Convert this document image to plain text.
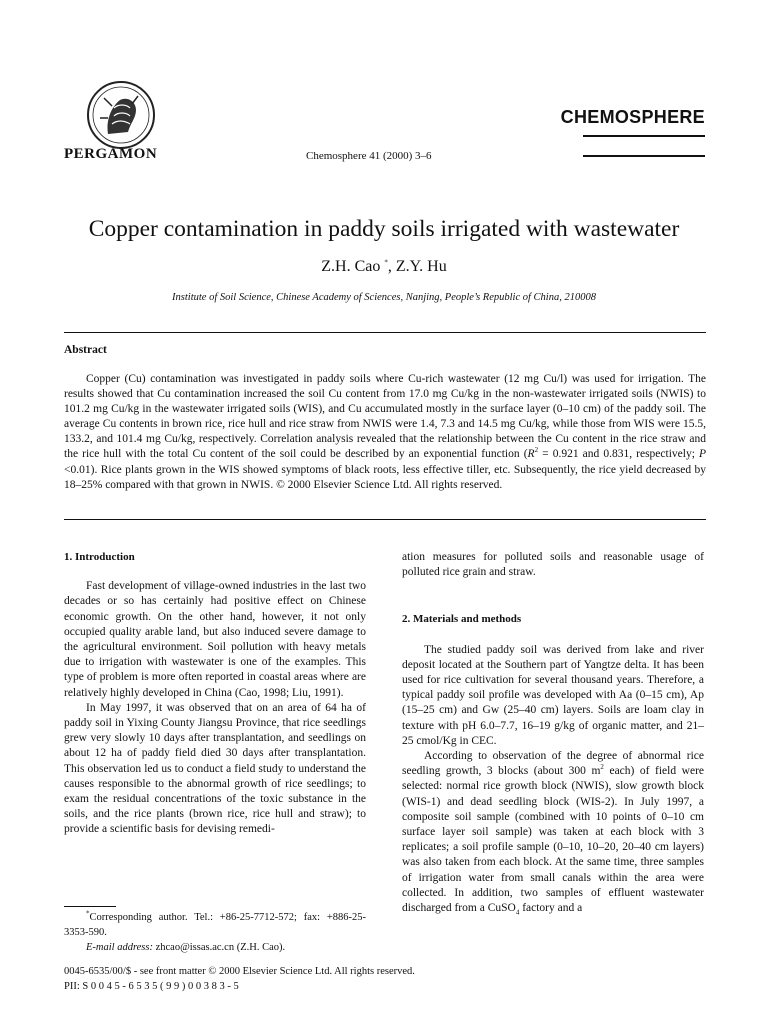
PERGAMON	Chemosphere 41 (2000) 3–6
CHEMOSPHERE
Copper contamination in paddy soils irrigated with wastewater
Z.H. Cao *, Z.Y. Hu
Institute of Soil Science, Chinese Academy of Sciences, Nanjing, People’s Republic of China, 210008
Abstract

Copper (Cu) contamination was investigated in paddy soils where Cu-rich wastewater (12 mg Cu/l) was used for irrigation. The results showed that Cu contamination increased the soil Cu content from 17.0 mg Cu/kg in the non-wastewater irrigated soils (NWIS) to 101.2 mg Cu/kg in the wastewater irrigated soils (WIS), and Cu accumulated mostly in the surface layer (0–10 cm) of the paddy soil. The average Cu contents in brown rice, rice hull and rice straw from NWIS were 1.4, 7.3 and 14.5 mg Cu/kg, while those from WIS were 15.5, 133.2, and 101.4 mg Cu/kg, respectively. Correlation analysis revealed that the relationship between the Cu content in the rice straw and the rice hull with the total Cu content of the soil could be described by an exponential function ($R^2 = 0.921$ and 0.831, respectively; P <0.01). Rice plants grown in the WIS showed symptoms of black roots, less effective tiller, etc. Subsequently, the rice yield decreased by 18–25% compared with that grown in NWIS. © 2000 Elsevier Science Ltd. All rights reserved.

1. Introduction

Fast development of village-owned industries in the last two decades or so has certainly had positive effect on Chinese economic growth. On the other hand, however, it not only occupied quality arable land, but also induced severe damage to the agricultural environment. Soil pollution with heavy metals due to irrigation with wastewater is one of the examples. This type of problem is more often reported in coastal areas where are relatively highly developed in China (Cao, 1998; Liu, 1991).

In May 1997, it was observed that on an area of 64 ha of paddy soil in Yixing County Jiangsu Province, that rice seedlings grew very slowly 10 days after transplantation, and seedlings on about 12 ha of paddy field died 30 days after transplantation. This observation led us to conduct a field study to understand the causes responsible to the abnormal growth of rice seedlings; to exam the residual concentrations of the toxic substance in the soils, and the rice plants (brown rice, rice hull and straw); to provide a scientific basis for devising remedi-

ation measures for polluted soils and reasonable usage of polluted rice grain and straw.

2. Materials and methods

The studied paddy soil was derived from lake and river deposit located at the Southern part of Yangtze delta. It has been used for rice cultivation for several thousand years. Therefore, a typical paddy soil profile was developed with Aa (0–15 cm), Ap (15–25 cm) and Gw (25–40 cm) layers. Soils are loam clay in texture with pH 6.0–7.7, 16–19 g/kg of organic matter, and 21–25 cmol/Kg in CEC.

According to observation of the degree of abnormal rice seedling growth, 3 blocks (about 300 $m^2$ each) of field were selected: normal rice growth block (NWIS), slow growth block (WIS-1) and dead seedling block (WIS-2). In July 1997, a composite soil sample (combined with 10 points of 0–10 cm surface layer soil sample) was taken at each block with 3 replicates; a soil profile sample (0–10, 10–20, 20–40 cm layers) was also taken from each block. At the same time, three samples of irrigation water from small canals within the area were collected. In addition, two samples of effluent wastewater discharged from a CuSO$_4$ factory and a

*Corresponding author. Tel.: +86-25-7712-572; fax: +886-25-3353-590.
E-mail address: zhcao@issas.ac.cn (Z.H. Cao).
0045-6535/00/$ - see front matter © 2000 Elsevier Science Ltd. All rights reserved.
PII: S 0 0 4 5 - 6 5 3 5 ( 9 9 ) 0 0 3 8 3 - 5
